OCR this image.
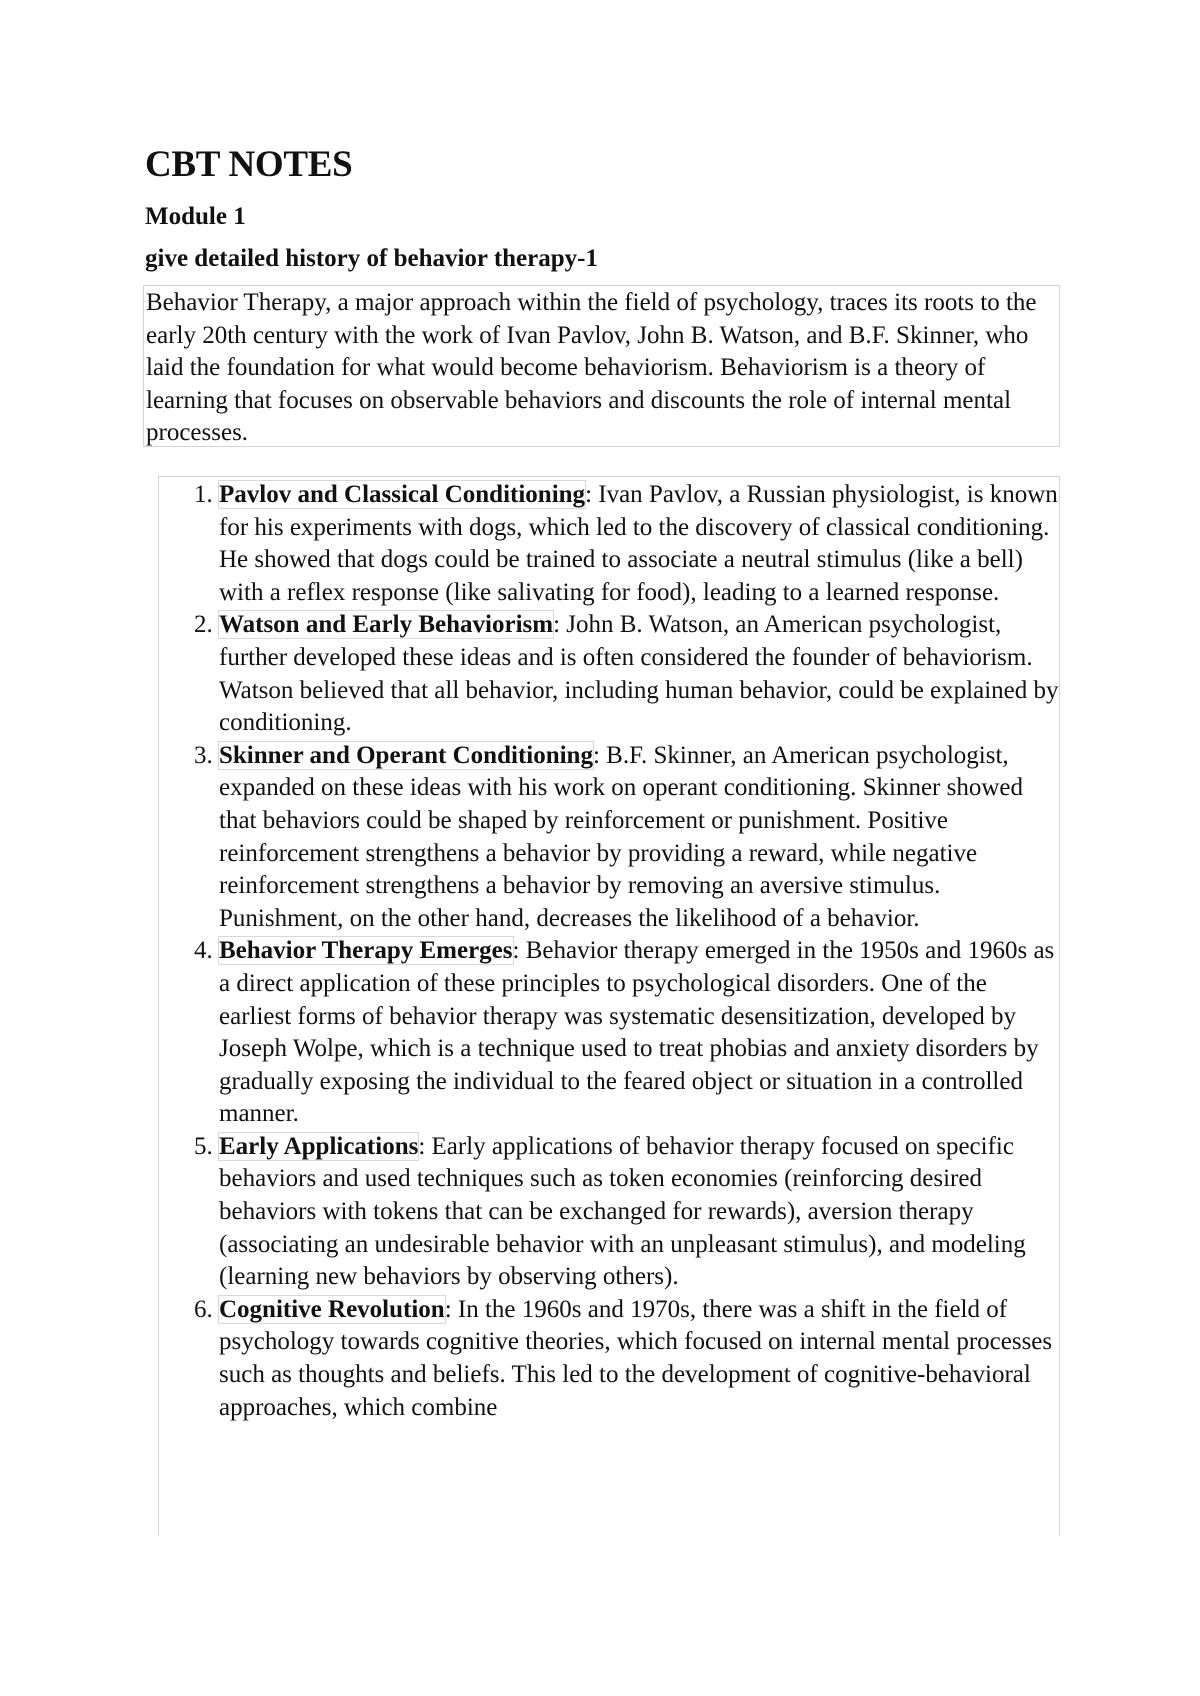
CBT NOTES
Module 1
give detailed history of behavior therapy-1
Behavior Therapy, a major approach within the field of psychology, traces its roots to the early 20th century with the work of Ivan Pavlov, John B. Watson, and B.F. Skinner, who laid the foundation for what would become behaviorism. Behaviorism is a theory of learning that focuses on observable behaviors and discounts the role of internal mental processes.
1. Pavlov and Classical Conditioning: Ivan Pavlov, a Russian physiologist, is known for his experiments with dogs, which led to the discovery of classical conditioning. He showed that dogs could be trained to associate a neutral stimulus (like a bell) with a reflex response (like salivating for food), leading to a learned response.
2. Watson and Early Behaviorism: John B. Watson, an American psychologist, further developed these ideas and is often considered the founder of behaviorism. Watson believed that all behavior, including human behavior, could be explained by conditioning.
3. Skinner and Operant Conditioning: B.F. Skinner, an American psychologist, expanded on these ideas with his work on operant conditioning. Skinner showed that behaviors could be shaped by reinforcement or punishment. Positive reinforcement strengthens a behavior by providing a reward, while negative reinforcement strengthens a behavior by removing an aversive stimulus. Punishment, on the other hand, decreases the likelihood of a behavior.
4. Behavior Therapy Emerges: Behavior therapy emerged in the 1950s and 1960s as a direct application of these principles to psychological disorders. One of the earliest forms of behavior therapy was systematic desensitization, developed by Joseph Wolpe, which is a technique used to treat phobias and anxiety disorders by gradually exposing the individual to the feared object or situation in a controlled manner.
5. Early Applications: Early applications of behavior therapy focused on specific behaviors and used techniques such as token economies (reinforcing desired behaviors with tokens that can be exchanged for rewards), aversion therapy (associating an undesirable behavior with an unpleasant stimulus), and modeling (learning new behaviors by observing others).
6. Cognitive Revolution: In the 1960s and 1970s, there was a shift in the field of psychology towards cognitive theories, which focused on internal mental processes such as thoughts and beliefs. This led to the development of cognitive-behavioral approaches, which combine
